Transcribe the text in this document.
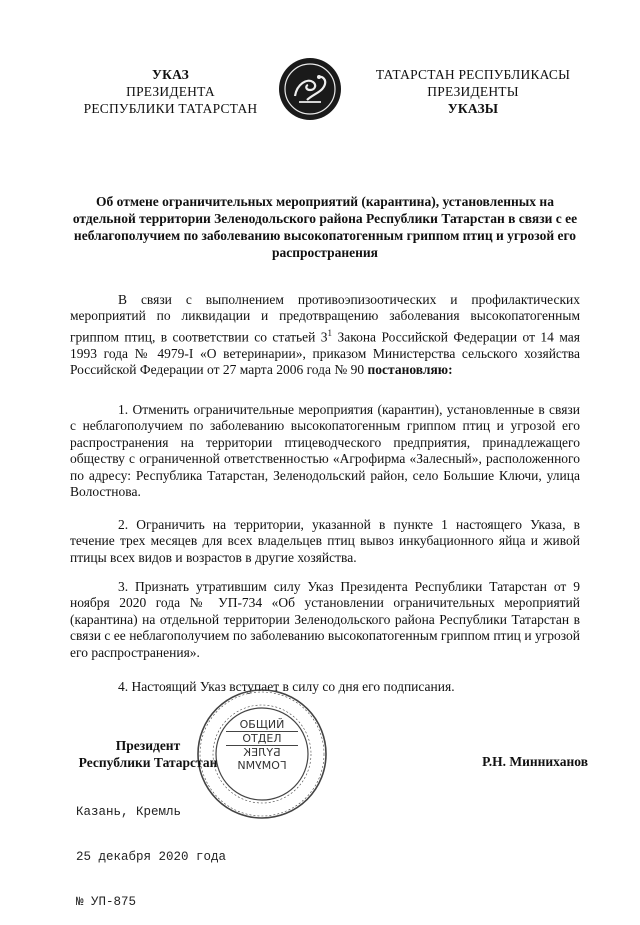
УКАЗ
ПРЕЗИДЕНТА
РЕСПУБЛИКИ ТАТАРСТАН
ТАТАРСТАН РЕСПУБЛИКАСЫ
ПРЕЗИДЕНТЫ
УКАЗЫ
Об отмене ограничительных мероприятий (карантина), установленных на отдельной территории Зеленодольского района Республики Татарстан в связи с ее неблагополучием по заболеванию высокопатогенным гриппом птиц и угрозой его распространения

В связи с выполнением противоэпизоотических и профилактических мероприятий по ликвидации и предотвращению заболевания высокопатогенным гриппом птиц, в соответствии со статьей $3^1$ Закона Российской Федерации от 14 мая 1993 года № 4979-I «О ветеринарии», приказом Министерства сельского хозяйства Российской Федерации от 27 марта 2006 года № 90 постановляю:

1. Отменить ограничительные мероприятия (карантин), установленные в связи с неблагополучием по заболеванию высокопатогенным гриппом птиц и угрозой его распространения на территории птицеводческого предприятия, принадлежащего обществу с ограниченной ответственностью «Агрофирма «Залесный», расположенного по адресу: Республика Татарстан, Зеленодольский район, село Большие Ключи, улица Волостнова.

2. Ограничить на территории, указанной в пункте 1 настоящего Указа, в течение трех месяцев для всех владельцев птиц вывоз инкубационного яйца и живой птицы всех видов и возрастов в другие хозяйства.

3. Признать утратившим силу Указ Президента Республики Татарстан от 9 ноября 2020 года № УП-734 «Об установлении ограничительных мероприятий (карантина) на отдельной территории Зеленодольского района Республики Татарстан в связи с ее неблагополучием по заболеванию высокопатогенным гриппом птиц и угрозой его распространения».

4. Настоящий Указ вступает в силу со дня его подписания.

ОБЩИЙ
ОТДЕЛ
БҮЛЕК
ГОМУМИ
Президент
Республики Татарстан	Р.Н. Минниханов

Казань, Кремль

25 декабря 2020 года

№ УП-875
